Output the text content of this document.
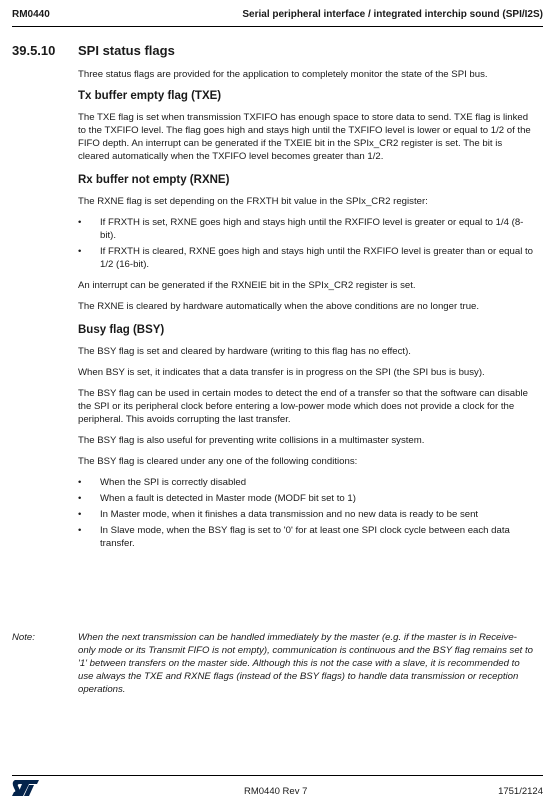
RM0440	Serial peripheral interface / integrated interchip sound (SPI/I2S)
39.5.10 SPI status flags

Three status flags are provided for the application to completely monitor the state of the SPI bus.

Tx buffer empty flag (TXE)

The TXE flag is set when transmission TXFIFO has enough space to store data to send. TXE flag is linked to the TXFIFO level. The flag goes high and stays high until the TXFIFO level is lower or equal to 1/2 of the FIFO depth. An interrupt can be generated if the TXEIE bit in the SPIx_CR2 register is set. The bit is cleared automatically when the TXFIFO level becomes greater than 1/2.

Rx buffer not empty (RXNE)

The RXNE flag is set depending on the FRXTH bit value in the SPIx_CR2 register:

• If FRXTH is set, RXNE goes high and stays high until the RXFIFO level is greater or equal to 1/4 (8-bit).
• If FRXTH is cleared, RXNE goes high and stays high until the RXFIFO level is greater than or equal to 1/2 (16-bit).

An interrupt can be generated if the RXNEIE bit in the SPIx_CR2 register is set.

The RXNE is cleared by hardware automatically when the above conditions are no longer true.

Busy flag (BSY)

The BSY flag is set and cleared by hardware (writing to this flag has no effect).

When BSY is set, it indicates that a data transfer is in progress on the SPI (the SPI bus is busy).

The BSY flag can be used in certain modes to detect the end of a transfer so that the software can disable the SPI or its peripheral clock before entering a low-power mode which does not provide a clock for the peripheral. This avoids corrupting the last transfer.

The BSY flag is also useful for preventing write collisions in a multimaster system.

The BSY flag is cleared under any one of the following conditions:

• When the SPI is correctly disabled
• When a fault is detected in Master mode (MODF bit set to 1)
• In Master mode, when it finishes a data transmission and no new data is ready to be sent
• In Slave mode, when the BSY flag is set to '0' for at least one SPI clock cycle between each data transfer.
Note:	When the next transmission can be handled immediately by the master (e.g. if the master is in Receive-only mode or its Transmit FIFO is not empty), communication is continuous and the BSY flag remains set to '1' between transfers on the master side. Although this is not the case with a slave, it is recommended to use always the TXE and RXNE flags (instead of the BSY flags) to handle data transmission or reception operations.
RM0440 Rev 7	1751/2124
